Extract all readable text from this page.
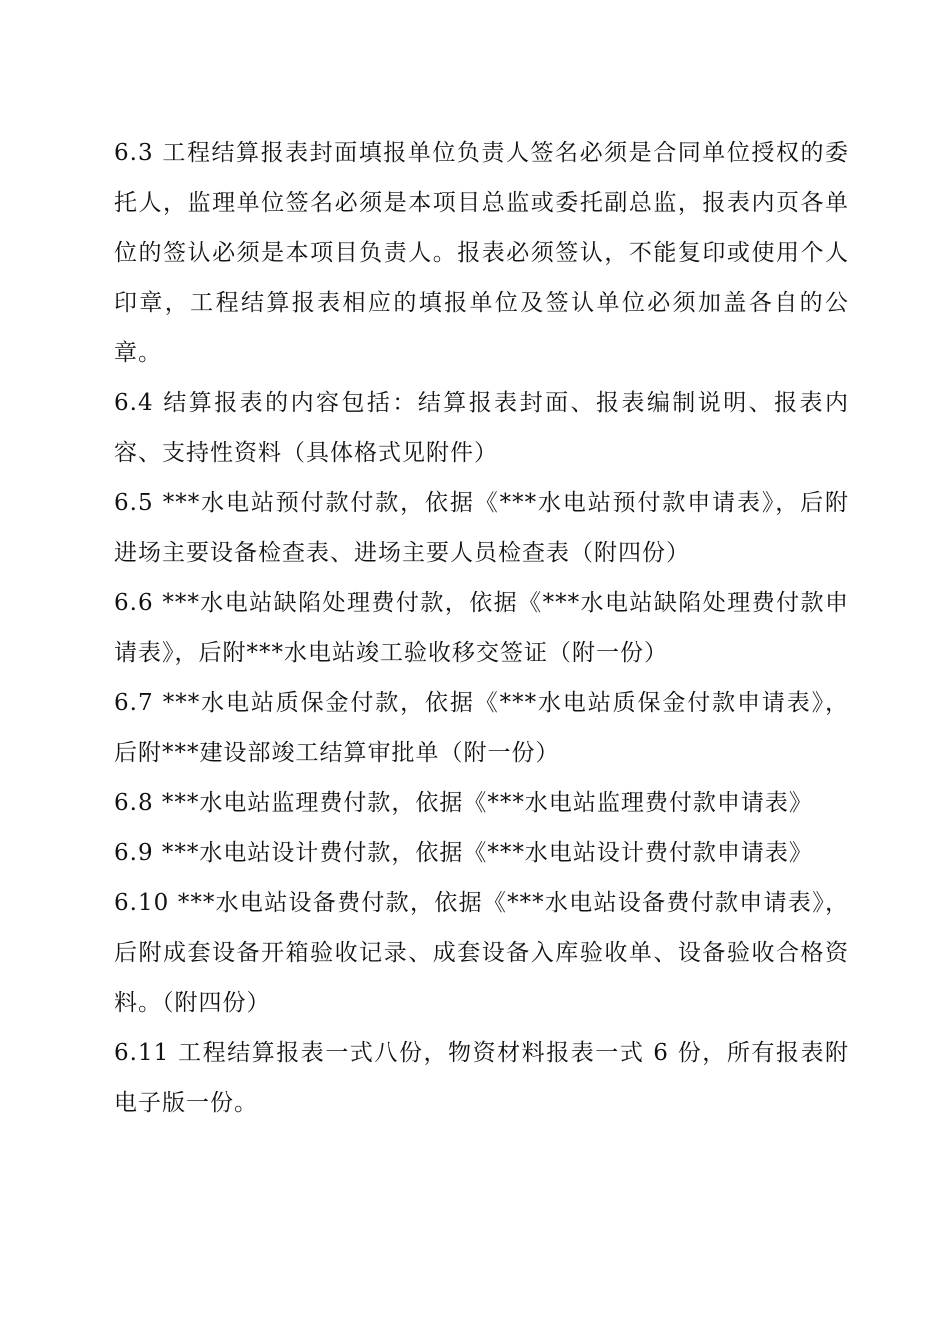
6.3 工程结算报表封面填报单位负责人签名必须是合同单位授权的委托人，监理单位签名必须是本项目总监或委托副总监，报表内页各单位的签认必须是本项目负责人。报表必须签认，不能复印或使用个人印章，工程结算报表相应的填报单位及签认单位必须加盖各自的公章。

6.4 结算报表的内容包括：结算报表封面、报表编制说明、报表内容、支持性资料（具体格式见附件）

6.5 ***水电站预付款付款，依据《***水电站预付款申请表》，后附进场主要设备检查表、进场主要人员检查表（附四份）

6.6 ***水电站缺陷处理费付款，依据《***水电站缺陷处理费付款申请表》，后附***水电站竣工验收移交签证（附一份）

6.7 ***水电站质保金付款，依据《***水电站质保金付款申请表》，后附***建设部竣工结算审批单（附一份）

6.8 ***水电站监理费付款，依据《***水电站监理费付款申请表》

6.9 ***水电站设计费付款，依据《***水电站设计费付款申请表》

6.10 ***水电站设备费付款，依据《***水电站设备费付款申请表》，后附成套设备开箱验收记录、成套设备入库验收单、设备验收合格资料。（附四份）

6.11 工程结算报表一式八份，物资材料报表一式 6 份，所有报表附电子版一份。
